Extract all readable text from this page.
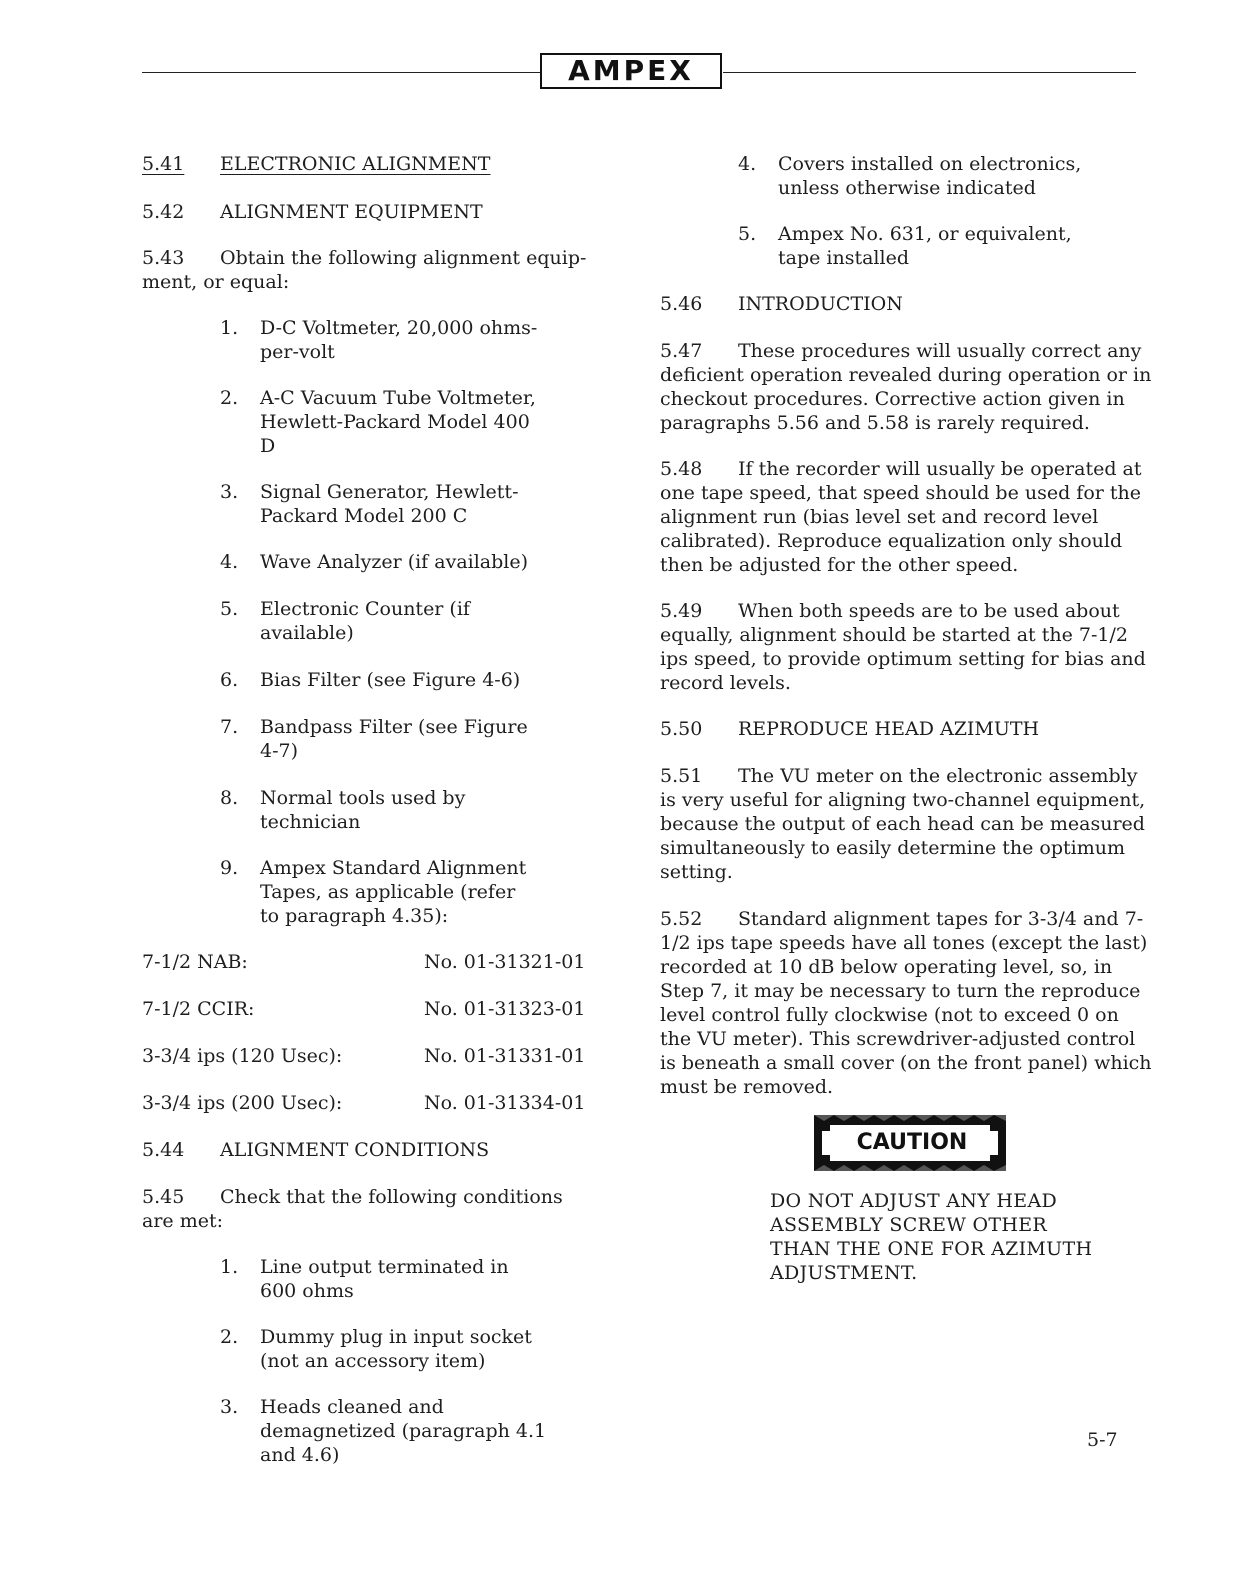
AMPEX
5.41	ELECTRONIC ALIGNMENT
5.42	ALIGNMENT EQUIPMENT
5.43 Obtain the following alignment equip-
ment, or equal:
1.	D-C Voltmeter, 20,000 ohms-per-volt
2.	A-C Vacuum Tube Voltmeter, Hewlett-Packard Model 400 D
3.	Signal Generator, Hewlett-Packard Model 200 C
4.	Wave Analyzer (if available)
5.	Electronic Counter (if available)
6.	Bias Filter (see Figure 4-6)
7.	Bandpass Filter (see Figure 4-7)
8.	Normal tools used by technician
9.	Ampex Standard Alignment Tapes, as applicable (refer to paragraph 4.35):
7-1/2 NAB:	No. 01-31321-01
7-1/2 CCIR:	No. 01-31323-01
3-3/4 ips (120 Usec):	No. 01-31331-01
3-3/4 ips (200 Usec):	No. 01-31334-01
5.44	ALIGNMENT CONDITIONS
5.45 Check that the following conditions
are met:
1.	Line output terminated in 600 ohms
2.	Dummy plug in input socket (not an accessory item)
3.	Heads cleaned and demagnetized (paragraph 4.1 and 4.6)
4.	Covers installed on electronics, unless otherwise indicated
5.	Ampex No. 631, or equivalent, tape installed
5.46	INTRODUCTION
5.47 These procedures will usually correct any deficient operation revealed during operation or in checkout procedures. Corrective action given in paragraphs 5.56 and 5.58 is rarely required.
5.48 If the recorder will usually be operated at one tape speed, that speed should be used for the alignment run (bias level set and record level calibrated). Reproduce equalization only should then be adjusted for the other speed.
5.49 When both speeds are to be used about equally, alignment should be started at the 7-1/2 ips speed, to provide optimum setting for bias and record levels.
5.50	REPRODUCE HEAD AZIMUTH
5.51 The VU meter on the electronic assembly is very useful for aligning two-channel equipment, because the output of each head can be measured simultaneously to easily determine the optimum setting.
5.52 Standard alignment tapes for 3-3/4 and 7-1/2 ips tape speeds have all tones (except the last) recorded at 10 dB below operating level, so, in Step 7, it may be necessary to turn the reproduce level control fully clockwise (not to exceed 0 on the VU meter). This screwdriver-adjusted control is beneath a small cover (on the front panel) which must be removed.
CAUTION
DO NOT ADJUST ANY HEAD ASSEMBLY SCREW OTHER THAN THE ONE FOR AZIMUTH ADJUSTMENT.
5-7
